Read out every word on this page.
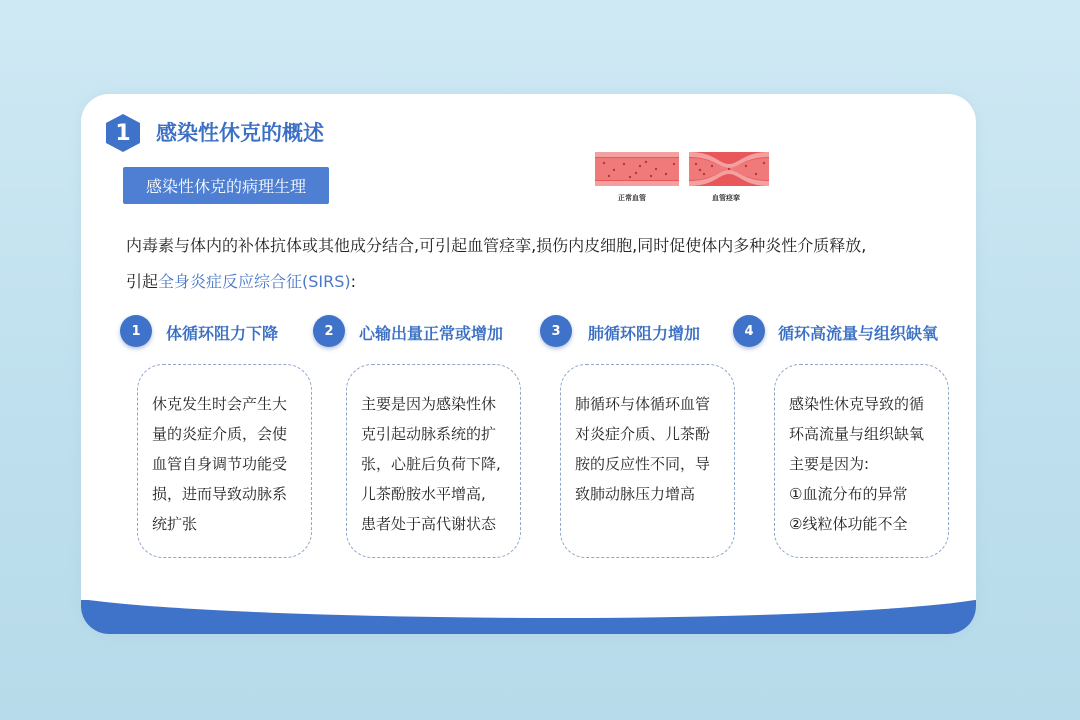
1	感染性休克的概述
感染性休克的病理生理
正常血管	血管痉挛
内毒素与体内的补体抗体或其他成分结合,可引起血管痉挛,损伤内皮细胞,同时促使体内多种炎性介质释放,
引起全身炎症反应综合征(SIRS):
1	体循环阻力下降
休克发生时会产生大
量的炎症介质，会使
血管自身调节功能受
损，进而导致动脉系
统扩张
2	心输出量正常或增加
主要是因为感染性休
克引起动脉系统的扩
张，心脏后负荷下降,
儿茶酚胺水平增高,
患者处于高代谢状态
3	肺循环阻力增加
肺循环与体循环血管
对炎症介质、儿茶酚
胺的反应性不同，导
致肺动脉压力增高
4	循环高流量与组织缺氧
感染性休克导致的循
环高流量与组织缺氧
主要是因为:
①血流分布的异常
②线粒体功能不全
